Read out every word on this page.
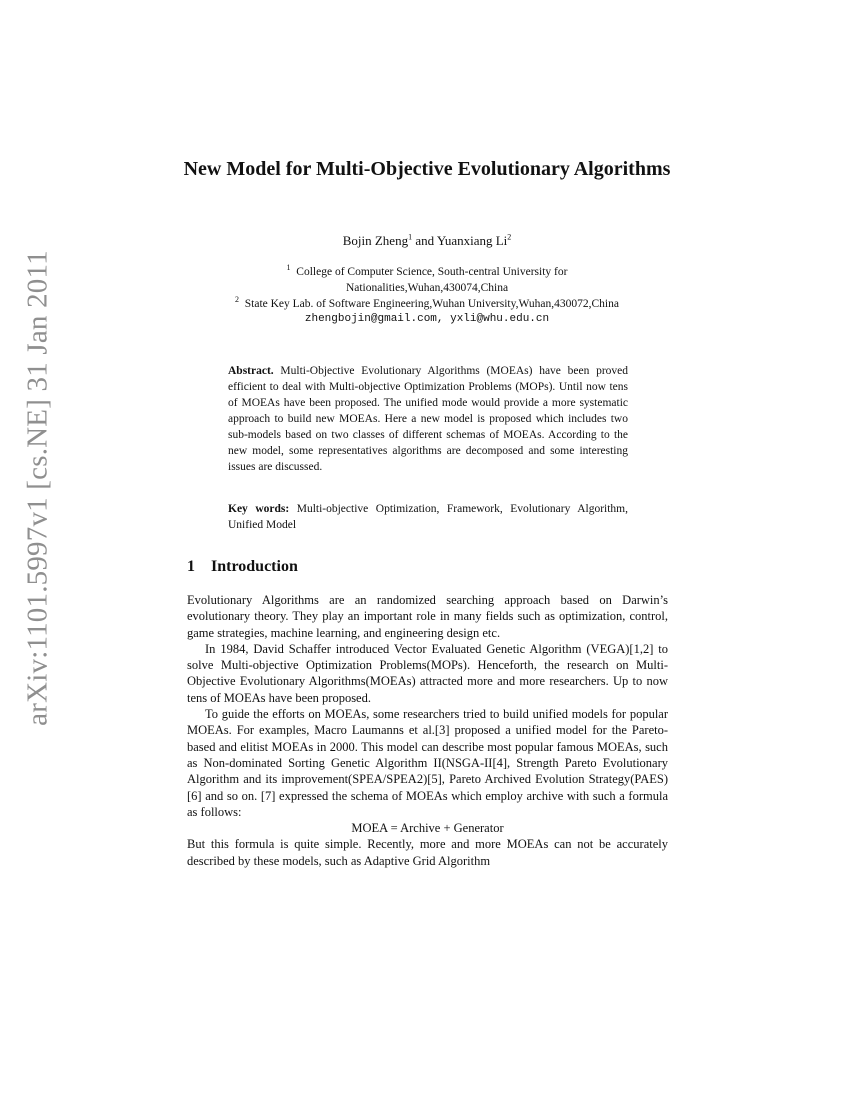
arXiv:1101.5997v1 [cs.NE] 31 Jan 2011
New Model for Multi-Objective Evolutionary Algorithms
Bojin Zheng$^1$ and Yuanxiang Li$^2$
$^1$ College of Computer Science, South-central University for
Nationalities,Wuhan,430074,China
$^2$ State Key Lab. of Software Engineering,Wuhan University,Wuhan,430072,China
zhengbojin@gmail.com, yxli@whu.edu.cn
Abstract. Multi-Objective Evolutionary Algorithms (MOEAs) have been proved efficient to deal with Multi-objective Optimization Problems (MOPs). Until now tens of MOEAs have been proposed. The unified mode would provide a more systematic approach to build new MOEAs. Here a new model is proposed which includes two sub-models based on two classes of different schemas of MOEAs. According to the new model, some representatives algorithms are decomposed and some interesting issues are discussed.
Key words: Multi-objective Optimization, Framework, Evolutionary Algorithm, Unified Model
1 Introduction

Evolutionary Algorithms are an randomized searching approach based on Darwin’s evolutionary theory. They play an important role in many fields such as optimization, control, game strategies, machine learning, and engineering design etc.

In 1984, David Schaffer introduced Vector Evaluated Genetic Algorithm (VEGA)[1,2] to solve Multi-objective Optimization Problems(MOPs). Henceforth, the research on Multi-Objective Evolutionary Algorithms(MOEAs) attracted more and more researchers. Up to now tens of MOEAs have been proposed.

To guide the efforts on MOEAs, some researchers tried to build unified models for popular MOEAs. For examples, Macro Laumanns et al.[3] proposed a unified model for the Pareto-based and elitist MOEAs in 2000. This model can describe most popular famous MOEAs, such as Non-dominated Sorting Genetic Algorithm II(NSGA-II[4], Strength Pareto Evolutionary Algorithm and its improvement(SPEA/SPEA2)[5], Pareto Archived Evolution Strategy(PAES)[6] and so on. [7] expressed the schema of MOEAs which employ archive with such a formula as follows:

MOEA = Archive + Generator

But this formula is quite simple. Recently, more and more MOEAs can not be accurately described by these models, such as Adaptive Grid Algorithm
